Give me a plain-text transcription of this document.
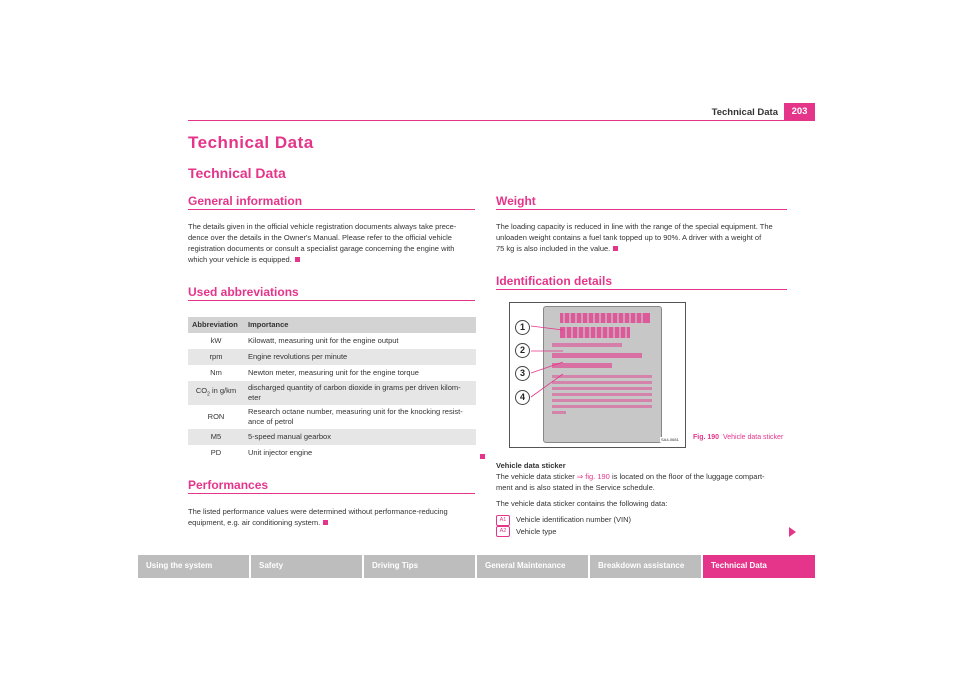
Technical Data	203
Technical Data
Technical Data
General information
The details given in the official vehicle registration documents always take prece-
dence over the details in the Owner's Manual. Please refer to the official vehicle
registration documents or consult a specialist garage concerning the engine with
which your vehicle is equipped.
Used abbreviations
Abbreviation	Importance
kW	Kilowatt, measuring unit for the engine output
rpm	Engine revolutions per minute
Nm	Newton meter, measuring unit for the engine torque
$CO_2$ in g/km	discharged quantity of carbon dioxide in grams per driven kilom-
eter

RON	Research octane number, measuring unit for the knocking resist-
ance of petrol

M5	5-speed manual gearbox
PD	Unit injector engine
Performances
The listed performance values were determined without performance-reducing
equipment, e.g. air conditioning system.
Weight
The loading capacity is reduced in line with the range of the special equipment. The
unloaden weight contains a fuel tank topped up to 90%. A driver with a weight of
75 kg is also included in the value.
Identification details
SA4-0681
1
2
3
4
Fig. 190 Vehicle data sticker
Vehicle data sticker
The vehicle data sticker ⇒ fig. 190 is located on the floor of the luggage compart-
ment and is also stated in the Service schedule.
The vehicle data sticker contains the following data:
A1 Vehicle identification number (VIN)
A2 Vehicle type
Using the system	Safety	Driving Tips	General Maintenance	Breakdown assistance	Technical Data
